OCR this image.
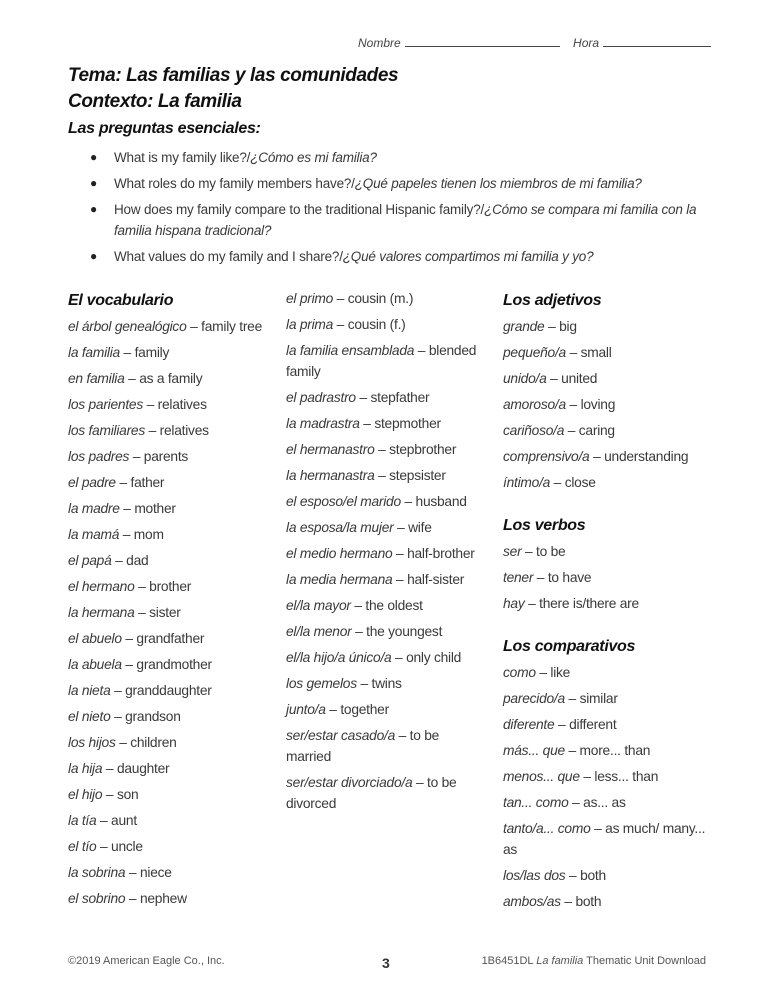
Nombre	Hora
Tema: Las familias y las comunidades
Contexto: La familia
Las preguntas esenciales:
● What is my family like?/¿Cómo es mi familia?
● What roles do my family members have?/¿Qué papeles tienen los miembros de mi familia?
● How does my family compare to the traditional Hispanic family?/¿Cómo se compara mi familia con la familia hispana tradicional?
● What values do my family and I share?/¿Qué valores compartimos mi familia y yo?
El vocabulario
el árbol genealógico – family tree
la familia – family
en familia – as a family
los parientes – relatives
los familiares – relatives
los padres – parents
el padre – father
la madre – mother
la mamá – mom
el papá – dad
el hermano – brother
la hermana – sister
el abuelo – grandfather
la abuela – grandmother
la nieta – granddaughter
el nieto – grandson
los hijos – children
la hija – daughter
el hijo – son
la tía – aunt
el tío – uncle
la sobrina – niece
el sobrino – nephew
el primo – cousin (m.)
la prima – cousin (f.)
la familia ensamblada – blended family
el padrastro – stepfather
la madrastra – stepmother
el hermanastro – stepbrother
la hermanastra – stepsister
el esposo/el marido – husband
la esposa/la mujer – wife
el medio hermano – half-brother
la media hermana – half-sister
el/la mayor – the oldest
el/la menor – the youngest
el/la hijo/a único/a – only child
los gemelos – twins
junto/a – together
ser/estar casado/a – to be married
ser/estar divorciado/a – to be divorced
Los adjetivos
grande – big
pequeño/a – small
unido/a – united
amoroso/a – loving
cariñoso/a – caring
comprensivo/a – understanding
íntimo/a – close
Los verbos
ser – to be
tener – to have
hay – there is/there are
Los comparativos
como – like
parecido/a – similar
diferente – different
más... que – more... than
menos... que – less... than
tan... como – as... as
tanto/a... como – as much/ many... as
los/las dos – both
ambos/as – both
©2019 American Eagle Co., Inc.	3	1B6451DL La familia Thematic Unit Download
